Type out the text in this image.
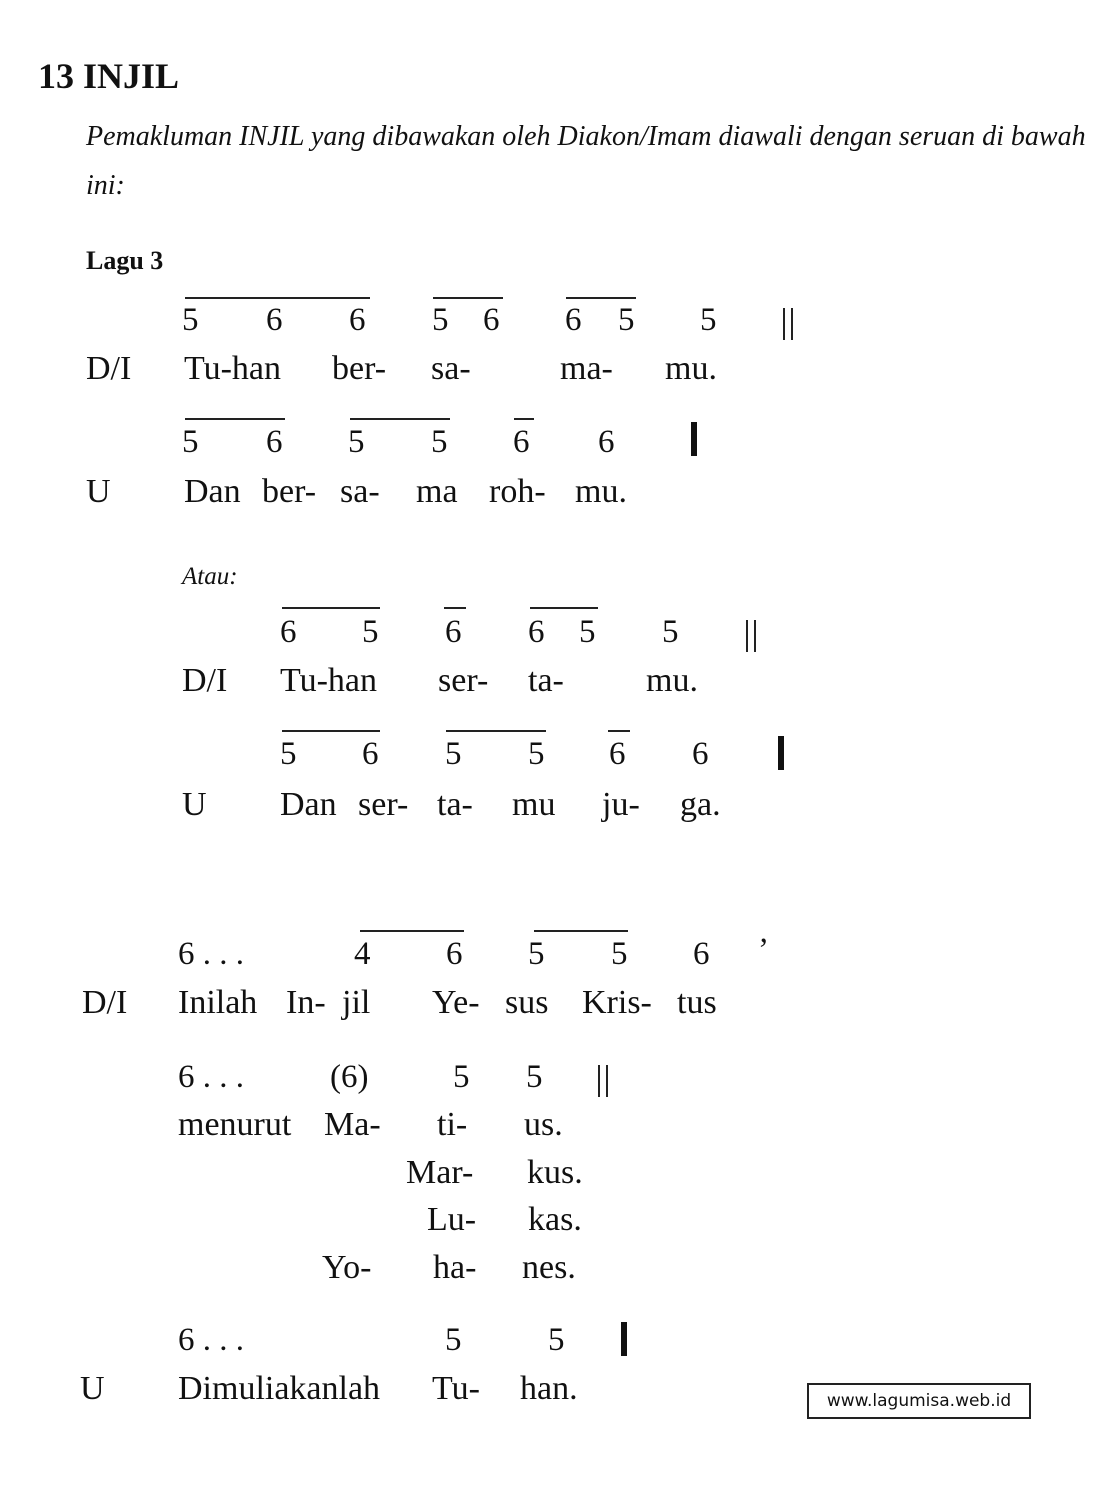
13 INJIL
Pemakluman INJIL yang dibawakan oleh Diakon/Imam diawali dengan seruan di bawah ini:
Lagu 3
5 6 6 5 6 6 5 5
D/I Tu-han ber- sa-	ma- mu.
5 6 5 5 6 6
U Dan ber- sa- ma roh- mu.
Atau:
6 5 6 6 5 5
D/I Tu-han ser- ta- mu.
5 6 5 5 6 6
U Dan ser- ta- mu ju- ga.
6 . . .	4 6 5 5 6 ’
D/I Inilah In- jil Ye- sus Kris- tus
6 . . .	(6)	5 5
menurut Ma- ti- us.
Mar- kus.
Lu- kas.
Yo- ha- nes.
6 . . .	5	5
U Dimuliakanlah Tu- han.	www.lagumisa.web.id
